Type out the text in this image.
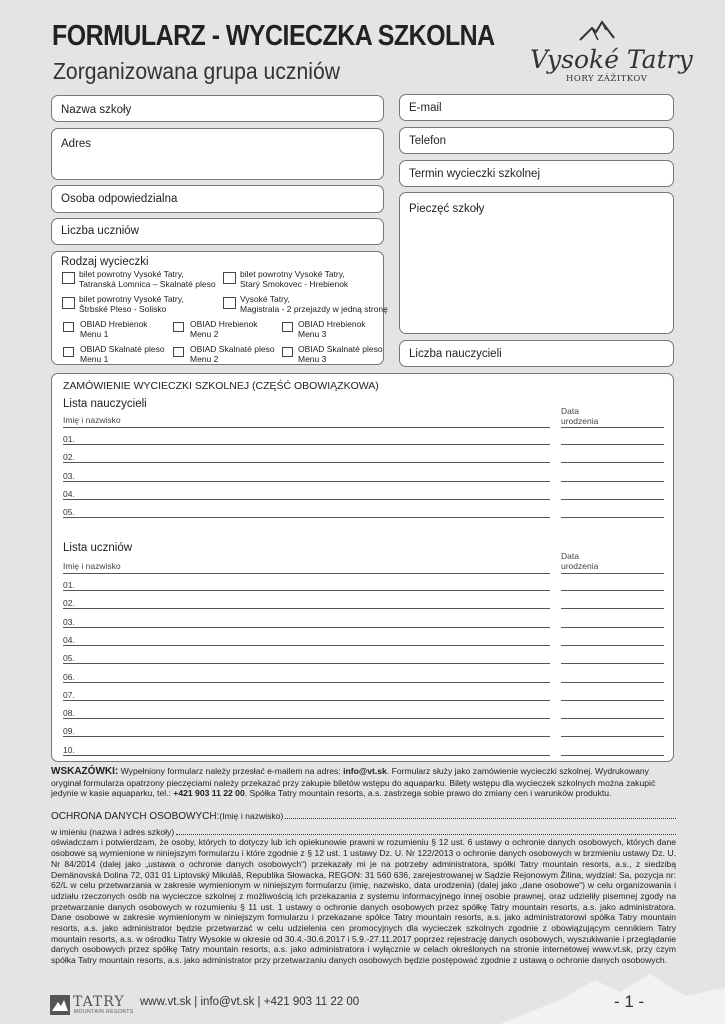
FORMULARZ - WYCIECZKA SZKOLNA
Zorganizowana grupa uczniów	Vysoké Tatry
HORY ZÁŽITKOV
Nazwa szkoły
Adres
Osoba odpowiedzialna
Liczba uczniów
Rodzaj wycieczki
bilet powrotny Vysoké Tatry,
Tatranská Lomnica – Skalnaté pleso
bilet powrotny Vysoké Tatry,
Starý Smokovec - Hrebienok
bilet powrotny Vysoké Tatry,
Štrbské Pleso - Solisko
Vysoké Tatry,
Magistrala - 2 przejazdy w jedną stronę
OBIAD Hrebienok
Menu 1
OBIAD Hrebienok
Menu 2
OBIAD Hrebienok
Menu 3
OBIAD Skalnaté pleso
Menu 1
OBIAD Skalnaté pleso
Menu 2
OBIAD Skalnaté pleso
Menu 3
E-mail
Telefon
Termin wycieczki szkolnej
Pieczęć szkoły
Liczba nauczycieli
ZAMÓWIENIE WYCIECZKI SZKOLNEJ (CZĘŚĆ OBOWIĄZKOWA)
Lista nauczycieli
Imię i nazwisko
Data
urodzenia
01.
02.
03.
04.
05.
Lista uczniów
Imię i nazwisko
Data
urodzenia
01.
02.
03.
04.
05.
06.
07.
08.
09.
10.
WSKAZÓWKI: Wypełniony formularz należy przesłać e-mailem na adres: info@vt.sk. Formularz służy jako zamówienie wycieczki szkolnej. Wydrukowany oryginał formularza opatrzony pieczęciami należy przekazać przy zakupie biletów wstępu do aquaparku. Bilety wstępu dla wycieczek szkolnych można zakupić jedynie w kasie aquaparku, tel.: +421 903 11 22 00. Spółka Tatry mountain resorts, a.s. zastrzega sobie prawo do zmiany cen i warunków produktu.
OCHRONA DANYCH OSOBOWYCH: (Imię i nazwisko)
w imieniu (nazwa i adres szkoły)
oświadczam i potwierdzam, że osoby, których to dotyczy lub ich opiekunowie prawni w rozumieniu § 12 ust. 6 ustawy o ochronie danych osobowych, których dane osobowe są wymienione w niniejszym formularzu i które zgodnie z § 12 ust. 1 ustawy Dz. U. Nr 122/2013 o ochronie danych osobowych w brzmieniu ustawy Dz. U. Nr 84/2014 (dalej jako „ustawa o ochronie danych osobowych“) przekazały mi je na potrzeby administratora, spółki Tatry mountain resorts, a.s., z siedzibą Demänovská Dolina 72, 031 01 Liptovský Mikuláš, Republika Słowacka, REGON: 31 560 636, zarejestrowanej w Sądzie Rejonowym Žilina, wydział: Sa, pozycja nr: 62/L w celu przetwarzania w zakresie wymienionym w niniejszym formularzu (imię, nazwisko, data urodzenia) (dalej jako „dane osobowe“) w celu organizowania i udziału rzeczonych osób na wycieczce szkolnej z możliwością ich przekazania z systemu informacyjnego innej osobie prawnej, oraz udzieliły pisemnej zgody na przetwarzanie danych osobowych w rozumieniu § 11 ust. 1 ustawy o ochronie danych osobowych przez spółkę Tatry mountain resorts, a.s. jako administratora. Dane osobowe w zakresie wymienionym w niniejszym formularzu i przekazane spółce Tatry mountain resorts, a.s. jako administratorowi spółka Tatry mountain resorts, a.s. jako administrator będzie przetwarzać w celu udzielenia cen promocyjnych dla wycieczek szkolnych zgodnie z obowiązującym cennikiem Tatry mountain resorts, a.s. w ośrodku Tatry Wysokie w okresie od 30.4.-30.6.2017 i 5.9.-27.11.2017 poprzez rejestrację danych osobowych, wyszukiwanie i przeglądanie danych osobowych przez spółkę Tatry mountain resorts, a.s. jako administratora i wyłącznie w celach określonych na stronie internetowej www.vt.sk, przy czym spółka Tatry mountain resorts, a.s. jako administrator przy przetwarzaniu danych osobowych będzie postępować zgodnie z ustawą o ochronie danych osobowych.
TATRY
MOUNTAIN RESORTS
www.vt.sk | info@vt.sk | +421 903 11 22 00	- 1 -
